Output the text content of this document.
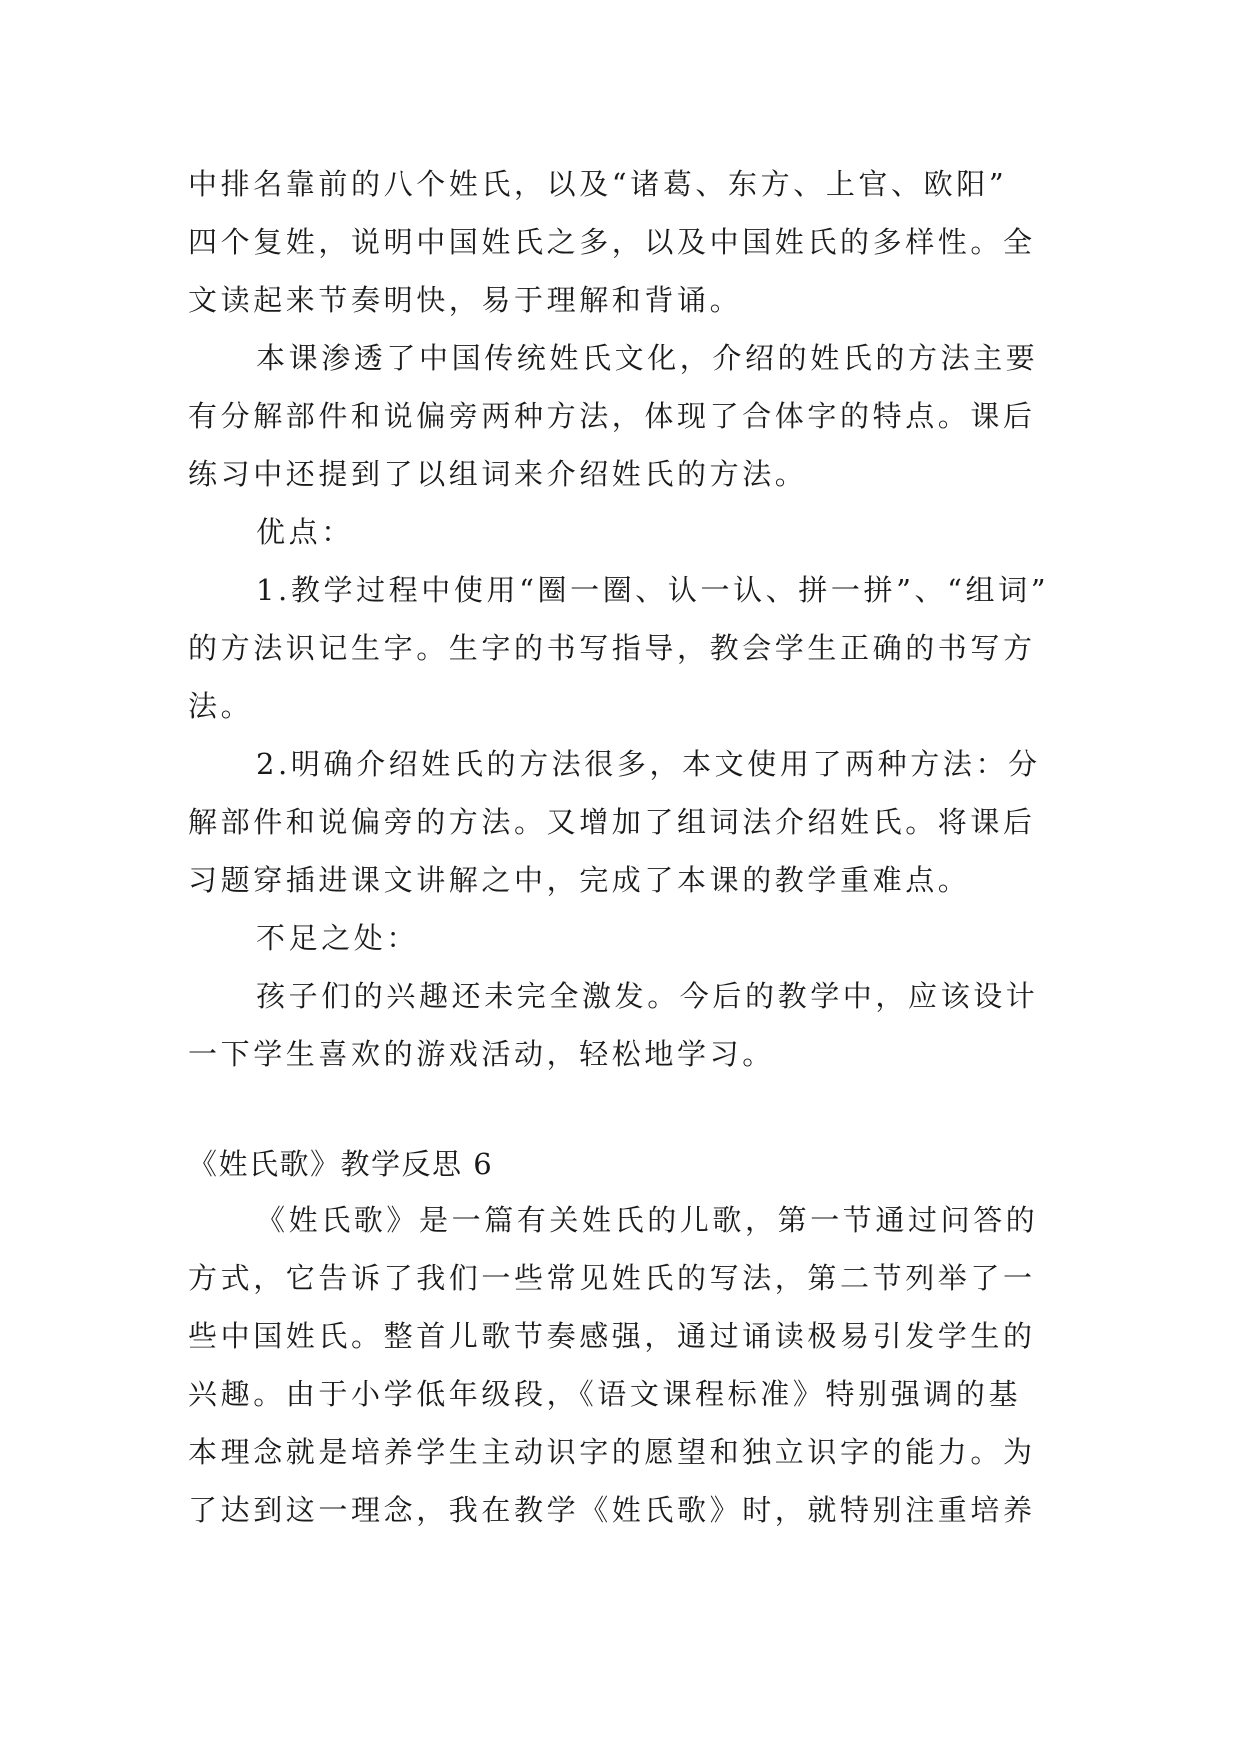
中排名靠前的八个姓氏，以及“诸葛、东方、上官、欧阳”
四个复姓，说明中国姓氏之多，以及中国姓氏的多样性。全
文读起来节奏明快，易于理解和背诵。
本课渗透了中国传统姓氏文化，介绍的姓氏的方法主要
有分解部件和说偏旁两种方法，体现了合体字的特点。课后
练习中还提到了以组词来介绍姓氏的方法。
优点：
1.教学过程中使用“圈一圈、认一认、拼一拼”、“组词”
的方法识记生字。生字的书写指导，教会学生正确的书写方
法。
2.明确介绍姓氏的方法很多，本文使用了两种方法：分
解部件和说偏旁的方法。又增加了组词法介绍姓氏。将课后
习题穿插进课文讲解之中，完成了本课的教学重难点。
不足之处：
孩子们的兴趣还未完全激发。今后的教学中，应该设计
一下学生喜欢的游戏活动，轻松地学习。
《姓氏歌》教学反思 6
《姓氏歌》是一篇有关姓氏的儿歌，第一节通过问答的
方式，它告诉了我们一些常见姓氏的写法，第二节列举了一
些中国姓氏。整首儿歌节奏感强，通过诵读极易引发学生的
兴趣。由于小学低年级段，《语文课程标准》特别强调的基
本理念就是培养学生主动识字的愿望和独立识字的能力。为
了达到这一理念，我在教学《姓氏歌》时，就特别注重培养
